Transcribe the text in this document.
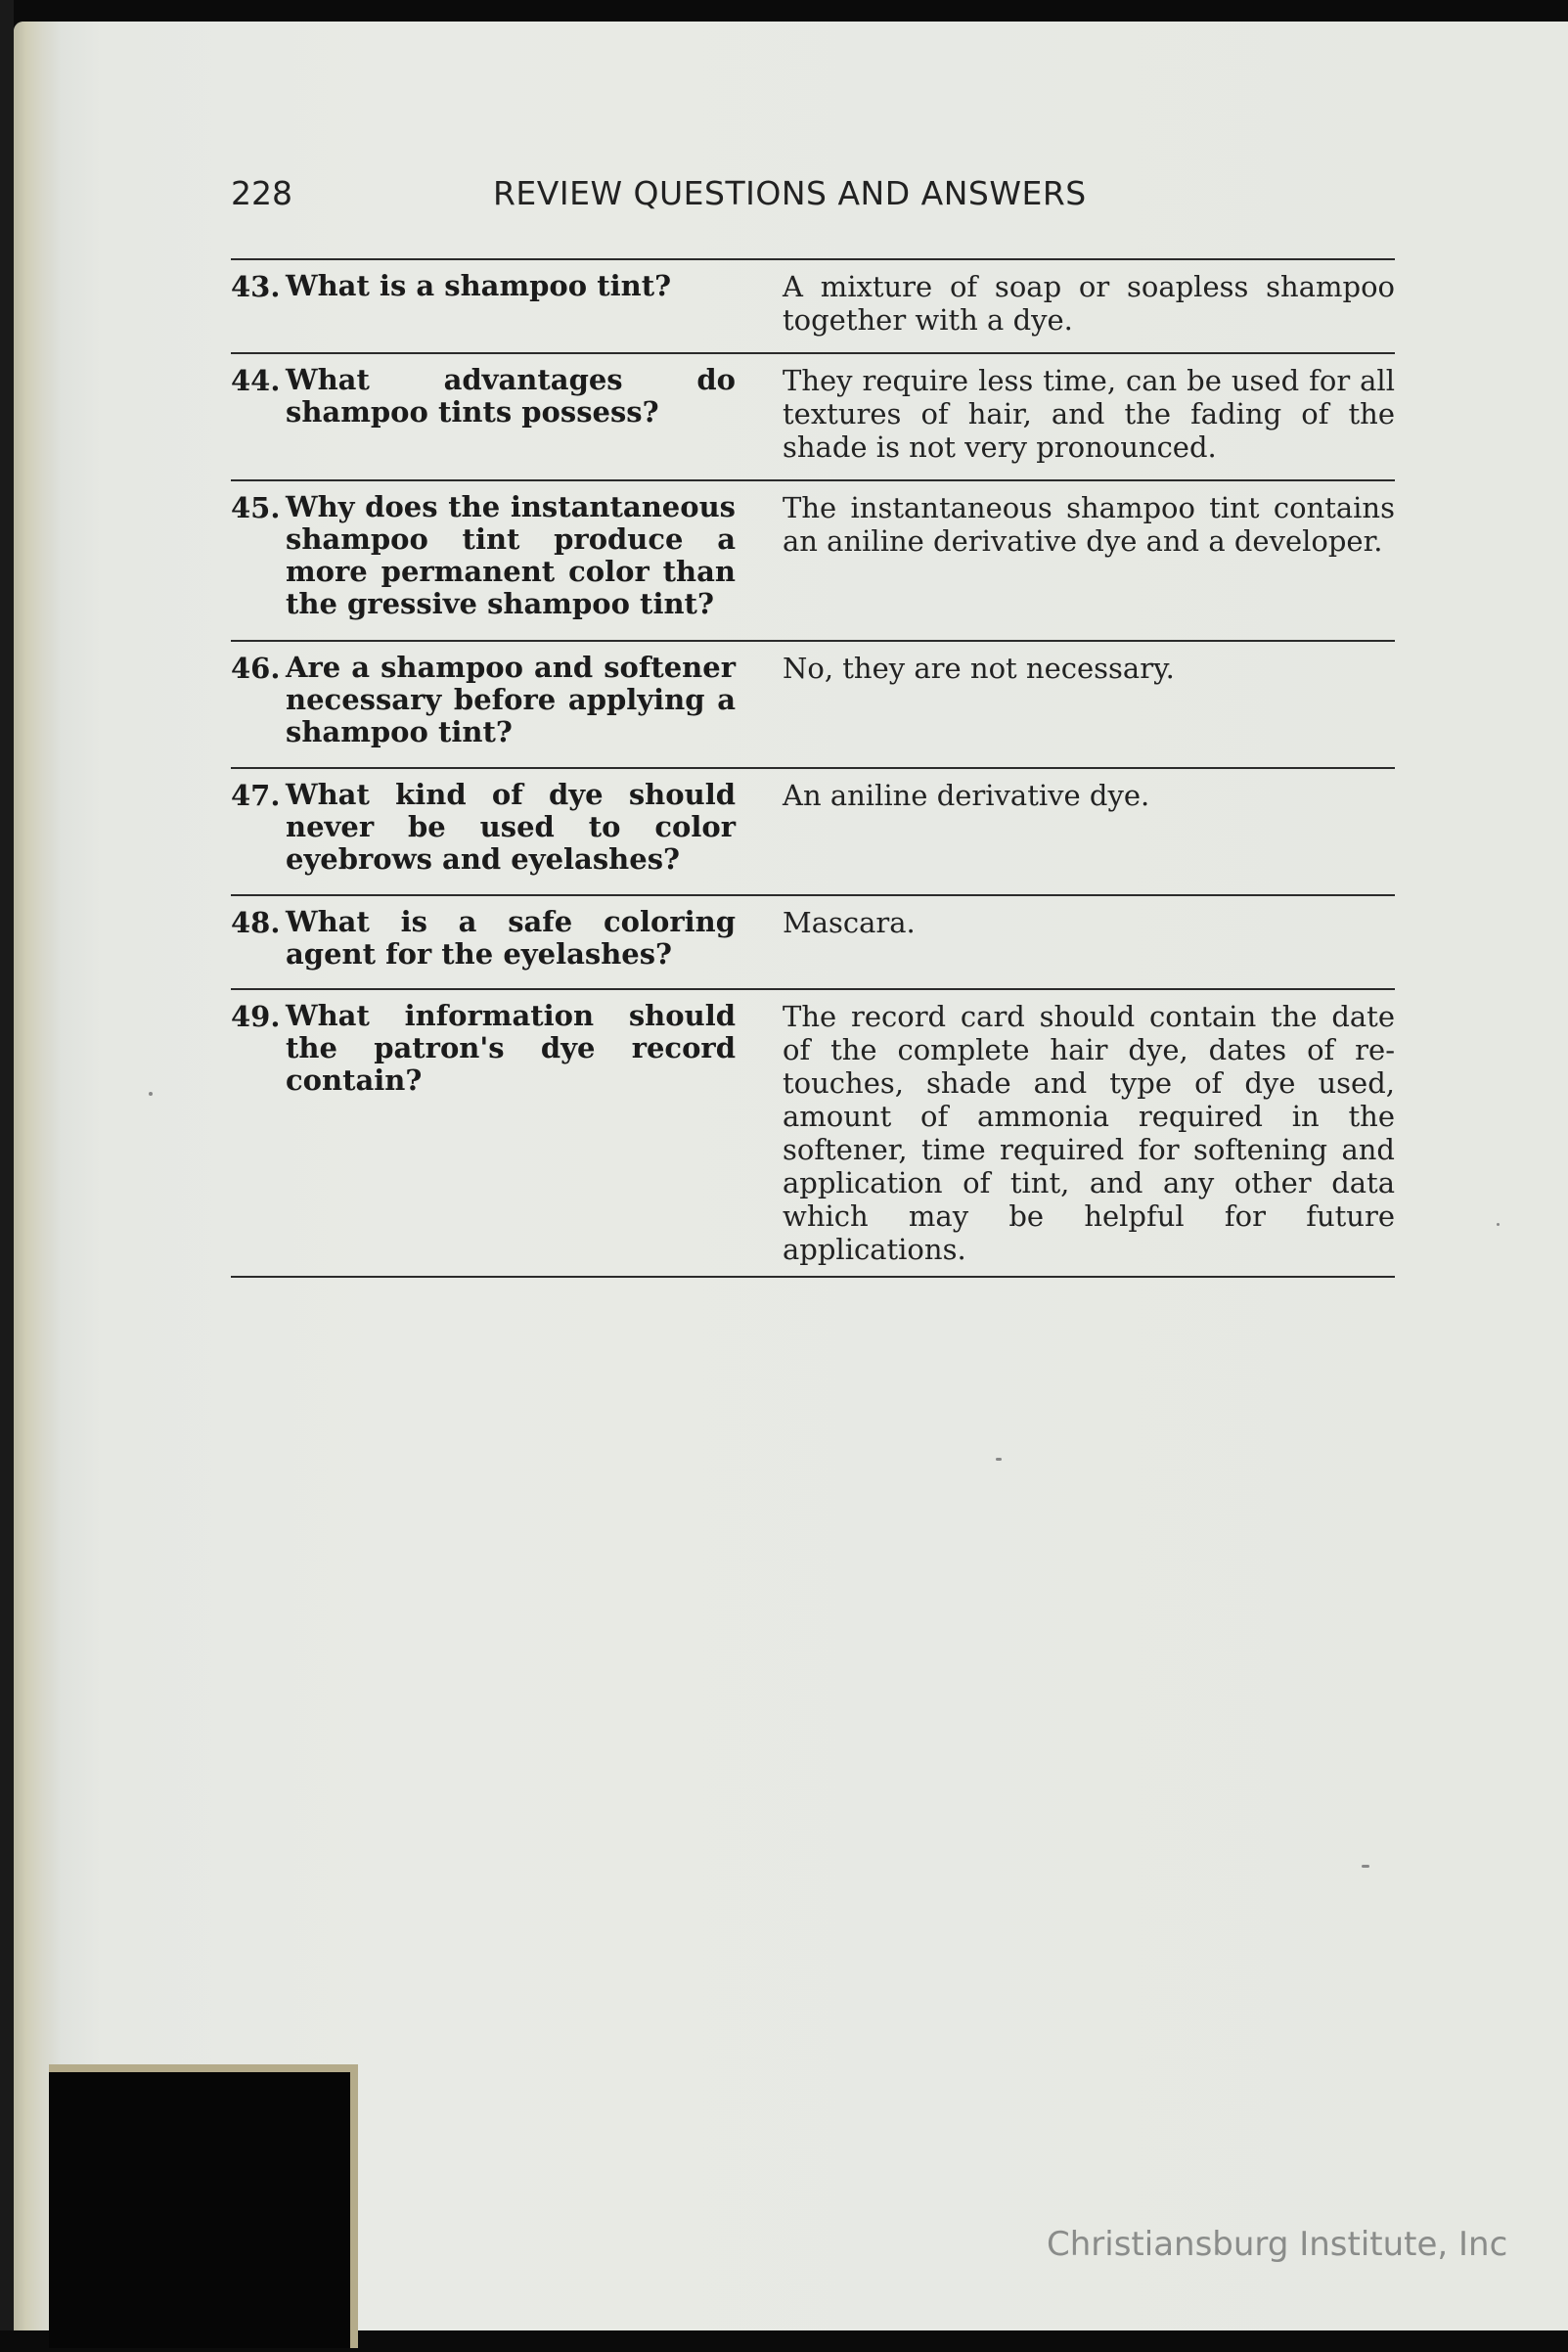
228	REVIEW QUESTIONS AND ANSWERS
43. What is a shampoo tint?	A mixture of soap or soapless shampoo together with a dye.
44. What advantages do shampoo tints possess?
They require less time, can be used for all textures of hair, and the fading of the shade is not very pronounced.
45. Why does the instantaneous shampoo tint produce a more permanent color than the gressive shampoo tint?
The instantaneous shampoo tint contains an aniline derivative dye and a developer.
46. Are a shampoo and softener necessary before applying a shampoo tint?
No, they are not necessary.
47. What kind of dye should never be used to color eyebrows and eyelashes?
An aniline derivative dye.
48. What is a safe coloring agent for the eyelashes?
Mascara.
49. What information should the patron's dye record contain?
The record card should contain the date of the complete hair dye, dates of re-touches, shade and type of dye used, amount of ammonia required in the softener, time required for softening and application of tint, and any other data which may be helpful for future applications.
Christiansburg Institute, Inc
